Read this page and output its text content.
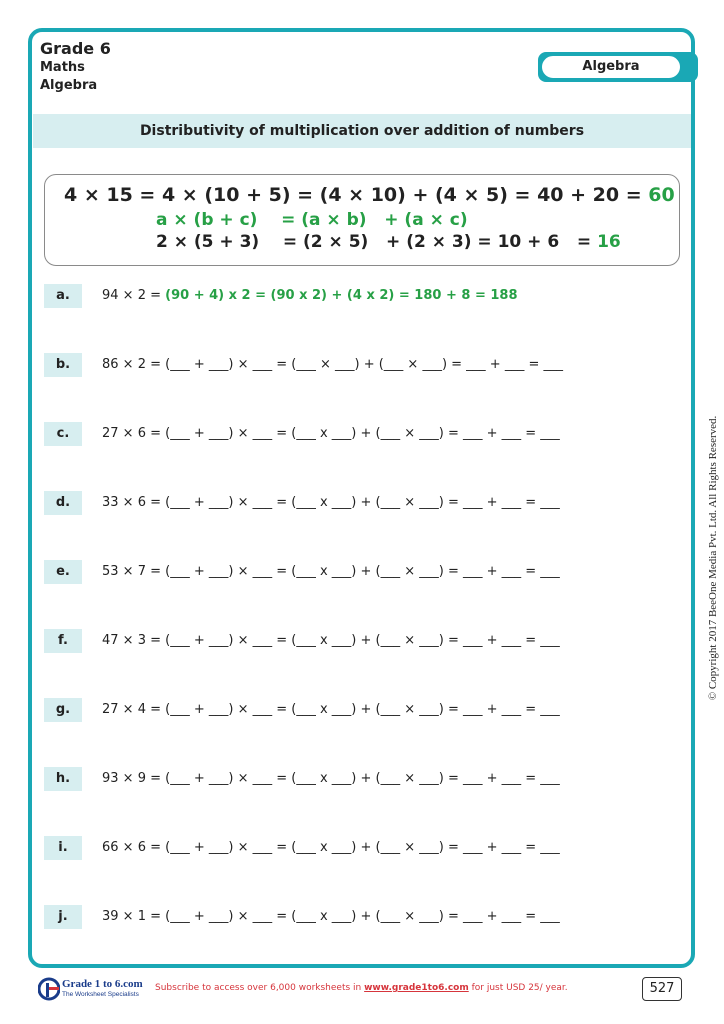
Grade 6
Maths
Algebra
Algebra
Distributivity of multiplication over addition of numbers
4 × 15 = 4 × (10 + 5) = (4 × 10) + (4 × 5) = 40 + 20 = 60
a × (b + c)    = (a × b)   + (a × c)
2 × (5 + 3)    = (2 × 5)   + (2 × 3) = 10 + 6   = 16
a.	94 × 2 = (90 + 4) x 2 = (90 x 2) + (4 x 2) = 180 + 8 = 188
b.	86 × 2 = (___ + ___) × ___ = (___ × ___) + (___ × ___) = ___ + ___ = ___
c.	27 × 6 = (___ + ___) × ___ = (___ x ___) + (___ × ___) = ___ + ___ = ___
d.	33 × 6 = (___ + ___) × ___ = (___ x ___) + (___ × ___) = ___ + ___ = ___
e.	53 × 7 = (___ + ___) × ___ = (___ x ___) + (___ × ___) = ___ + ___ = ___
f.	47 × 3 = (___ + ___) × ___ = (___ x ___) + (___ × ___) = ___ + ___ = ___
g.	27 × 4 = (___ + ___) × ___ = (___ x ___) + (___ × ___) = ___ + ___ = ___
h.	93 × 9 = (___ + ___) × ___ = (___ x ___) + (___ × ___) = ___ + ___ = ___
i.	66 × 6 = (___ + ___) × ___ = (___ x ___) + (___ × ___) = ___ + ___ = ___
j.	39 × 1 = (___ + ___) × ___ = (___ x ___) + (___ × ___) = ___ + ___ = ___
© Copyright 2017 BeeOne Media Pvt. Ltd. All Rights Reserved.
Grade 1 to 6.com
The Worksheet Specialists
Subscribe to access over 6,000 worksheets in www.grade1to6.com for just USD 25/ year.	527
